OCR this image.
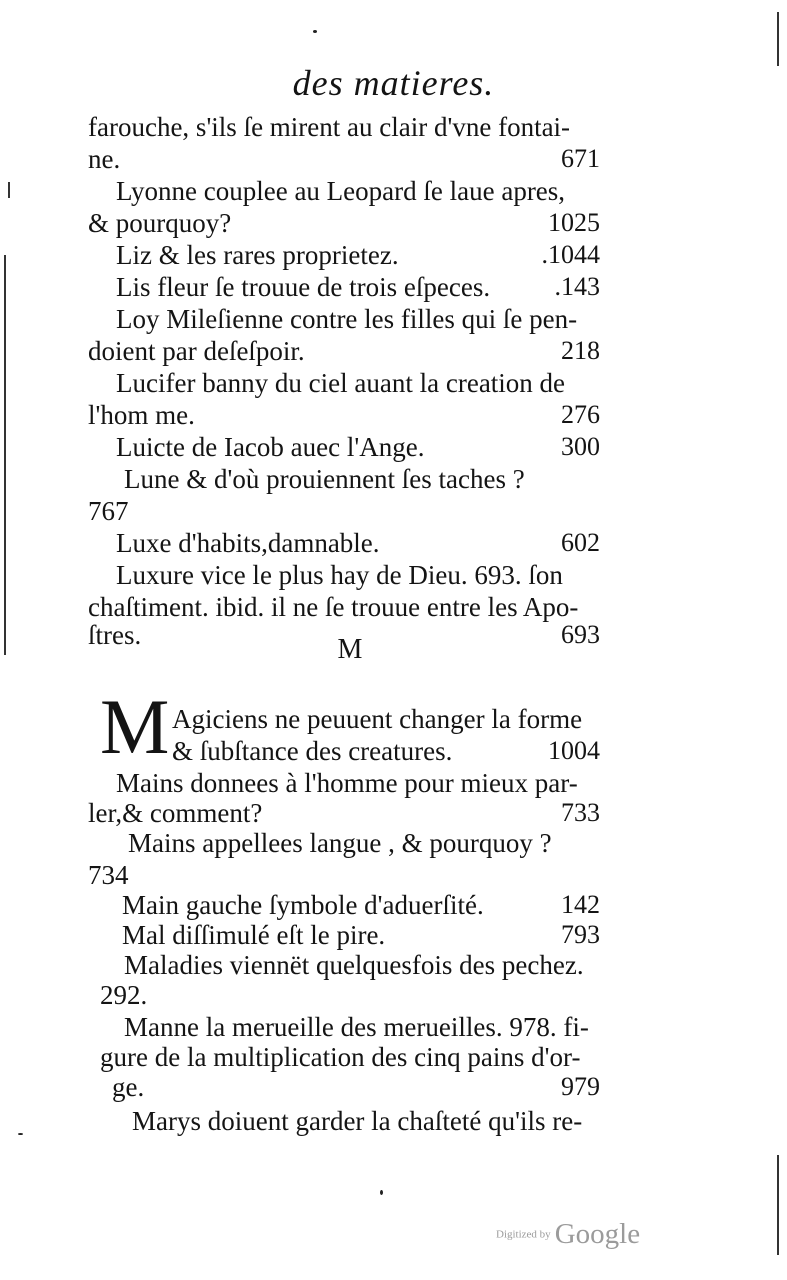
des matieres.
farouche, s'ils ſe mirent au clair d'vne fontai-
ne.	671
Lyonne couplee au Leopard ſe laue apres,
& pourquoy?	1025
Liz & les rares proprietez.	.1044
Lis fleur ſe trouue de trois eſpeces.	.143
Loy Mileſienne contre les filles qui ſe pen-
doient par deſeſpoir.	218
Lucifer banny du ciel auant la creation de
l'hom me.	276
Luicte de Iacob auec l'Ange.	300
Lune & d'où prouiennent ſes taches ?
767
Luxe d'habits,damnable.	602
Luxure vice le plus hay de Dieu. 693. ſon
chaſtiment. ibid. il ne ſe trouue entre les Apo-
ſtres.	693
M
M Agiciens ne peuuent changer la forme
& ſubſtance des creatures.	1004
Mains donnees à l'homme pour mieux par-
ler,& comment?	733
Mains appellees langue , & pourquoy ?
734
Main gauche ſymbole d'aduerſité.	142
Mal diſſimulé eſt le pire.	793
Maladies viennët quelquesfois des pechez.
292.
Manne la merueille des merueilles. 978. fi-
gure de la multiplication des cinq pains d'or-
ge.	979
Marys doiuent garder la chaſteté qu'ils re-
Digitized by Google
